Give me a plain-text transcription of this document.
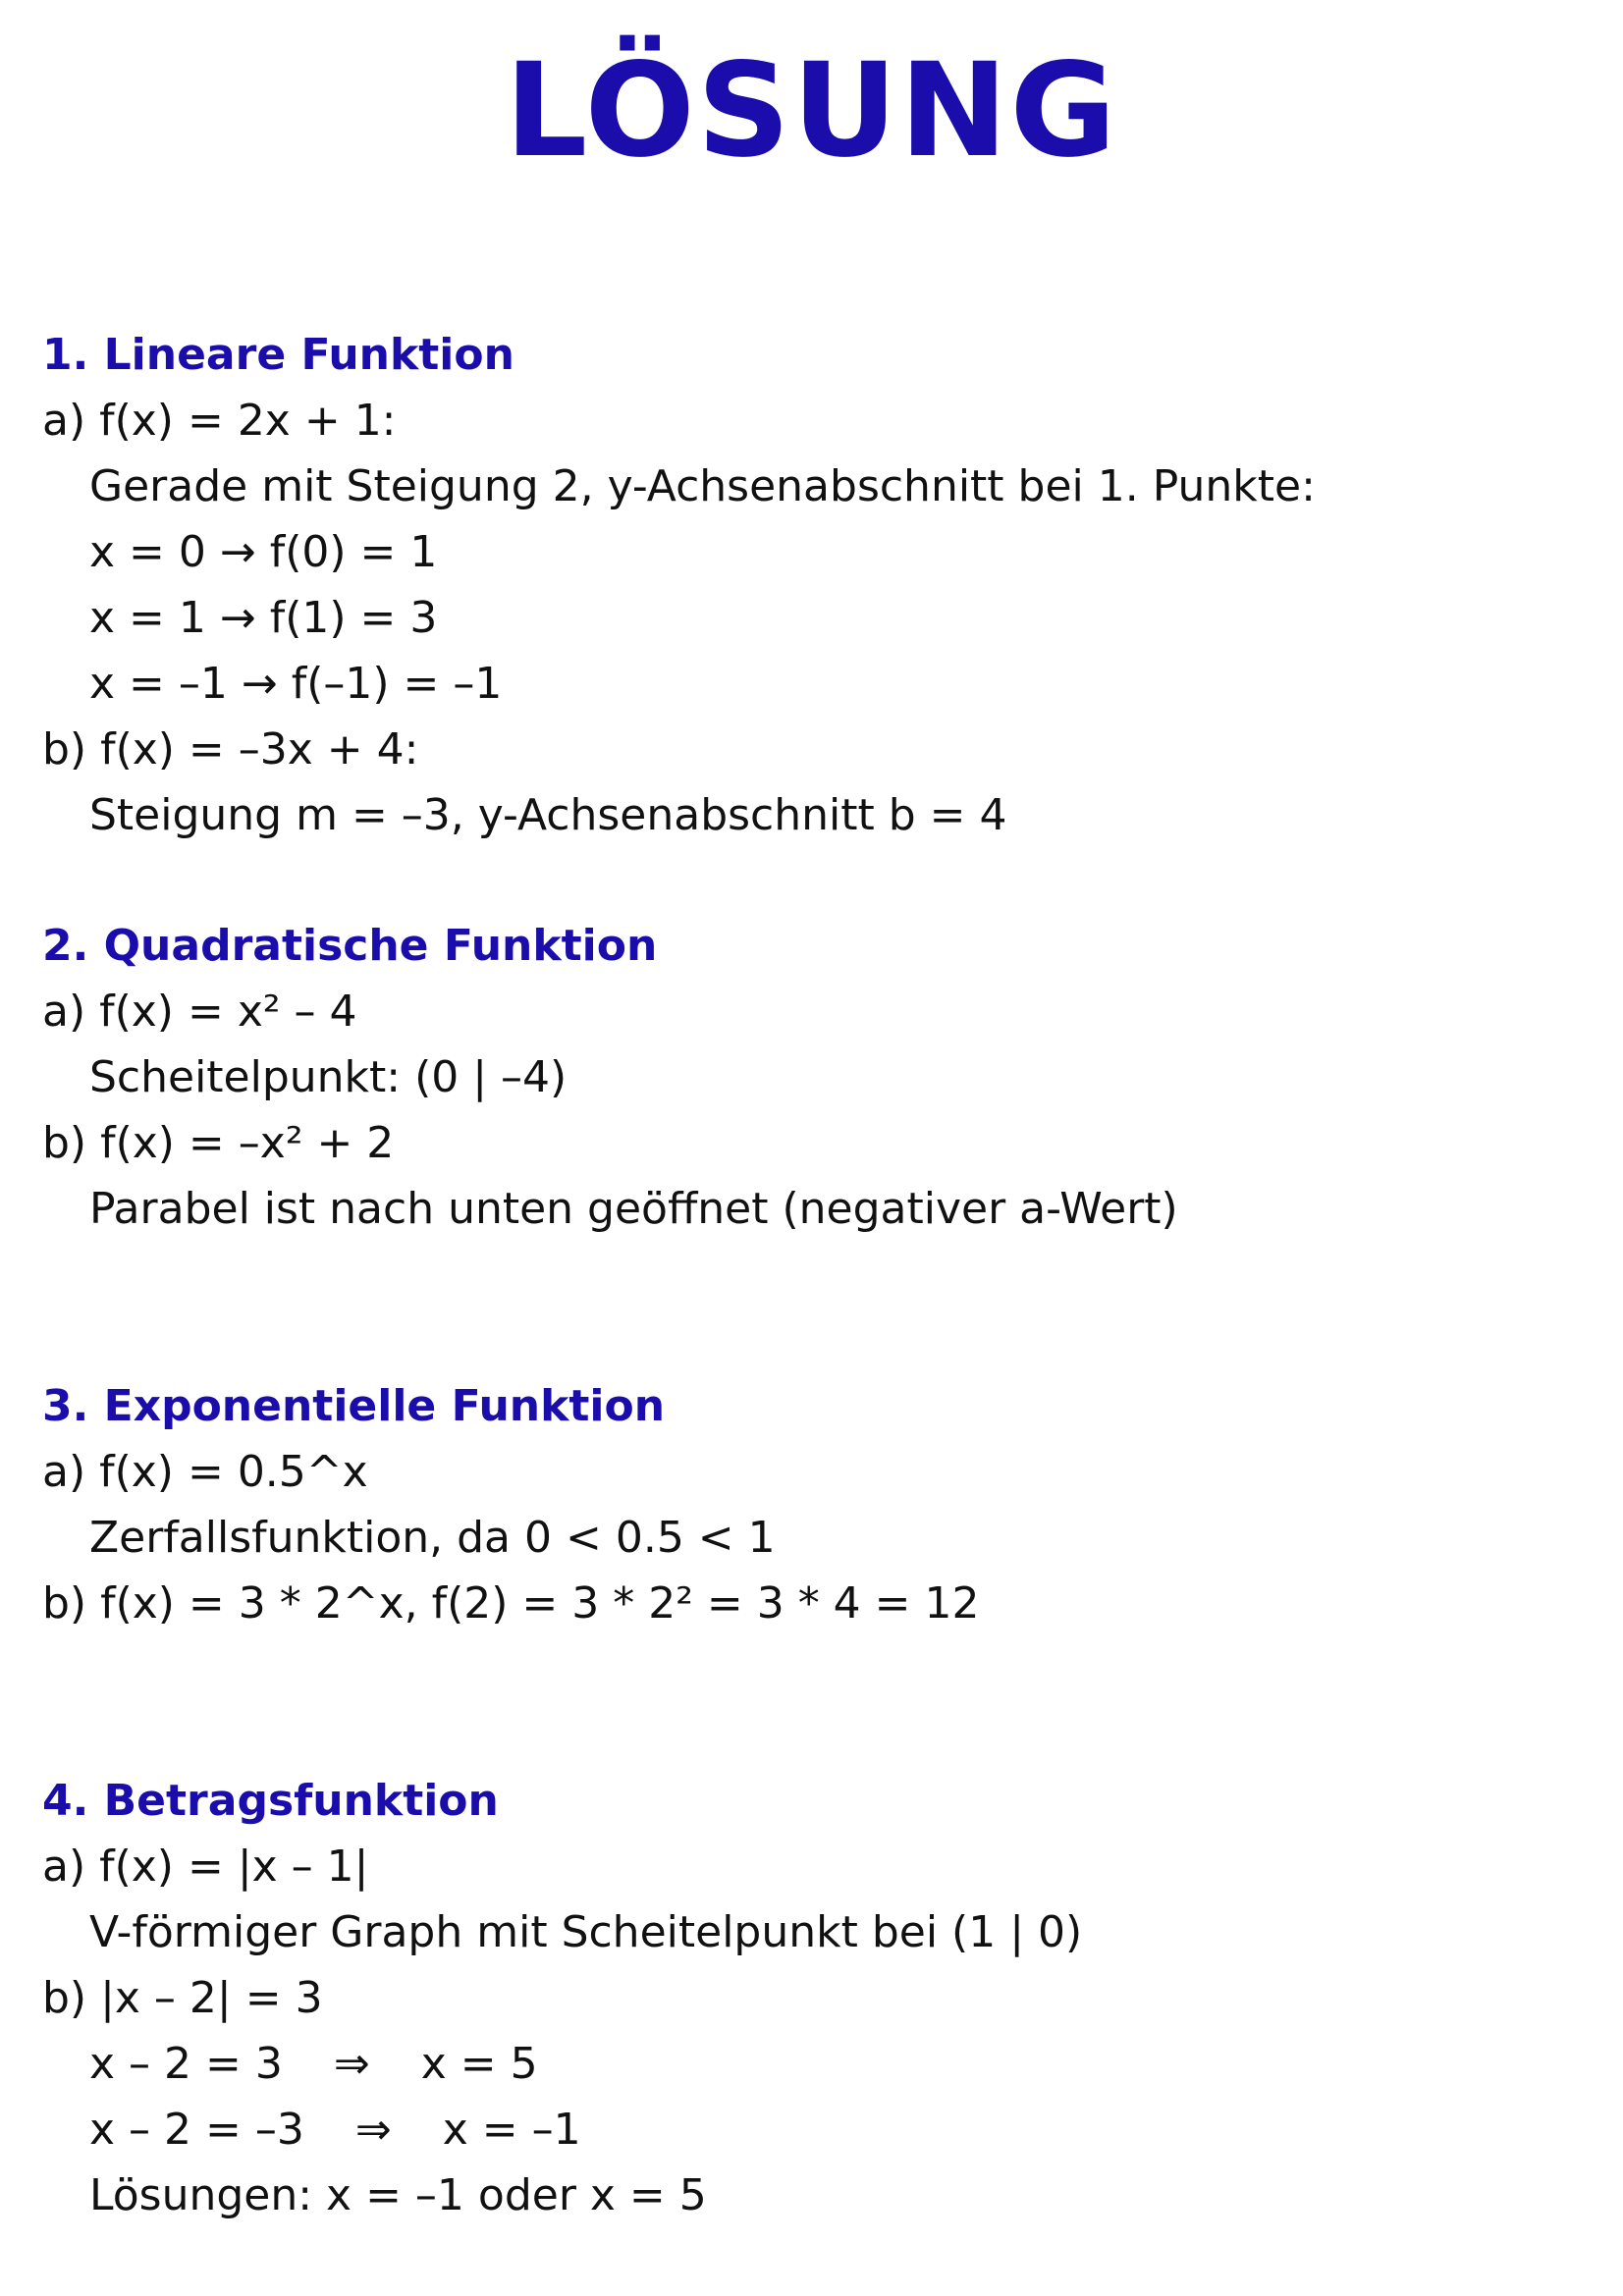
LÖSUNG
1. Lineare Funktion
a) f(x) = 2x + 1:
Gerade mit Steigung 2, y-Achsenabschnitt bei 1. Punkte:
x = 0 → f(0) = 1
x = 1 → f(1) = 3
x = –1 → f(–1) = –1
b) f(x) = –3x + 4:
Steigung m = –3, y-Achsenabschnitt b = 4
2. Quadratische Funktion
a) f(x) = x² – 4
Scheitelpunkt: (0 | –4)
b) f(x) = –x² + 2
Parabel ist nach unten geöffnet (negativer a-Wert)
3. Exponentielle Funktion
a) f(x) = 0.5^x
Zerfallsfunktion, da 0 < 0.5 < 1
b) f(x) = 3 * 2^x, f(2) = 3 * 2² = 3 * 4 = 12
4. Betragsfunktion
a) f(x) = |x – 1|
V-förmiger Graph mit Scheitelpunkt bei (1 | 0)
b) |x – 2| = 3
x – 2 = 3 ⇒ x = 5
x – 2 = –3 ⇒ x = –1
Lösungen: x = –1 oder x = 5
